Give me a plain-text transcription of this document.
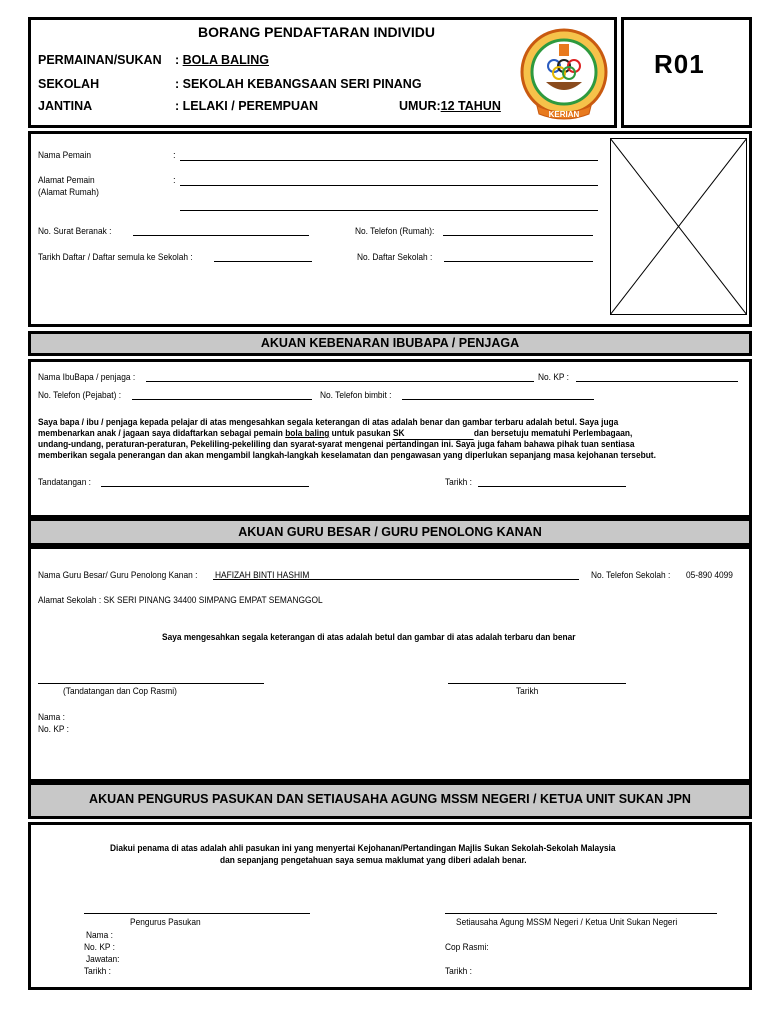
BORANG PENDAFTARAN INDIVIDU
PERMAINAN/SUKAN : BOLA BALING
SEKOLAH	: SEKOLAH KEBANGSAAN SERI PINANG
JANTINA	: LELAKI / PEREMPUAN	UMUR:12 TAHUN
KERIAN
R01
Nama Pemain	:
Alamat Pemain
(Alamat Rumah)
:
No. Surat Beranak :	No. Telefon (Rumah):
Tarikh Daftar / Daftar semula ke Sekolah :	No. Daftar Sekolah :
AKUAN KEBENARAN IBUBAPA / PENJAGA
Nama IbuBapa / penjaga :	No. KP :
No. Telefon (Pejabat) :	No. Telefon bimbit :
Saya bapa / ibu / penjaga kepada pelajar di atas mengesahkan segala keterangan di atas adalah benar dan gambar terbaru adalah betul. Saya juga
membenarkan anak / jagaan saya didaftarkan sebagai pemain bola baling untuk pasukan SK	dan bersetuju mematuhi Perlembagaan,
undang-undang, peraturan-peraturan, Pekeliling-pekeliling dan syarat-syarat mengenai pertandingan ini. Saya juga faham bahawa pihak tuan sentiasa
memberikan segala penerangan dan akan mengambil langkah-langkah keselamatan dan pengawasan yang diperlukan sepanjang masa kejohanan tersebut.
Tandatangan :	Tarikh :
AKUAN GURU BESAR / GURU PENOLONG KANAN
Nama Guru Besar/ Guru Penolong Kanan : HAFIZAH BINTI HASHIM	No. Telefon Sekolah : 05-890 4099
Alamat Sekolah : SK SERI PINANG 34400 SIMPANG EMPAT SEMANGGOL
Saya mengesahkan segala keterangan di atas adalah betul dan gambar di atas adalah terbaru dan benar
(Tandatangan dan Cop Rasmi)	Tarikh
Nama :
No. KP :
AKUAN PENGURUS PASUKAN DAN SETIAUSAHA AGUNG MSSM NEGERI / KETUA UNIT SUKAN JPN
Diakui penama di atas adalah ahli pasukan ini yang menyertai Kejohanan/Pertandingan Majlis Sukan Sekolah-Sekolah Malaysia
dan sepanjang pengetahuan saya semua maklumat yang diberi adalah benar.
Pengurus Pasukan
Nama :
No. KP :
Jawatan:
Tarikh :
Setiausaha Agung MSSM Negeri / Ketua Unit Sukan Negeri
Cop Rasmi:
Tarikh :
